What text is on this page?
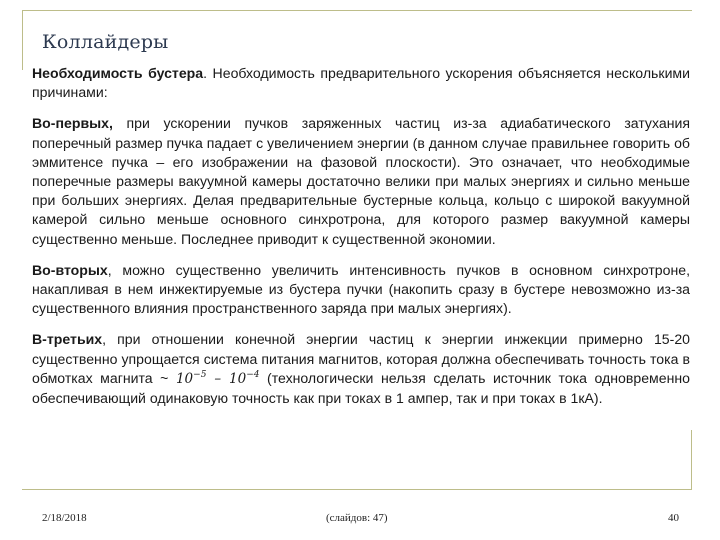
Коллайдеры

Необходимость бустера. Необходимость предварительного ускорения объясняется несколькими причинами:

Во-первых, при ускорении пучков заряженных частиц из-за адиабатического затухания поперечный размер пучка падает с увеличением энергии (в данном случае правильнее говорить об эммитенсе пучка – его изображении на фазовой плоскости). Это означает, что необходимые поперечные размеры вакуумной камеры достаточно велики при малых энергиях и сильно меньше при больших энергиях. Делая предварительные бустерные кольца, кольцо с широкой вакуумной камерой сильно меньше основного синхротрона, для которого размер вакуумной камеры существенно меньше. Последнее приводит к существенной экономии.

Во-вторых, можно существенно увеличить интенсивность пучков в основном синхротроне, накапливая в нем инжектируемые из бустера пучки (накопить сразу в бустере невозможно из-за существенного влияния пространственного заряда при малых энергиях).

В-третьих, при отношении конечной энергии частиц к энергии инжекции примерно 15-20 существенно упрощается система питания магнитов, которая должна обеспечивать точность тока в обмотках магнита ~ $10^{-5} - 10^{-4}$ (технологически нельзя сделать источник тока одновременно обеспечивающий одинаковую точность как при токах в 1 ампер, так и при токах в 1кА).

2/18/2018	(слайдов: 47)	40
